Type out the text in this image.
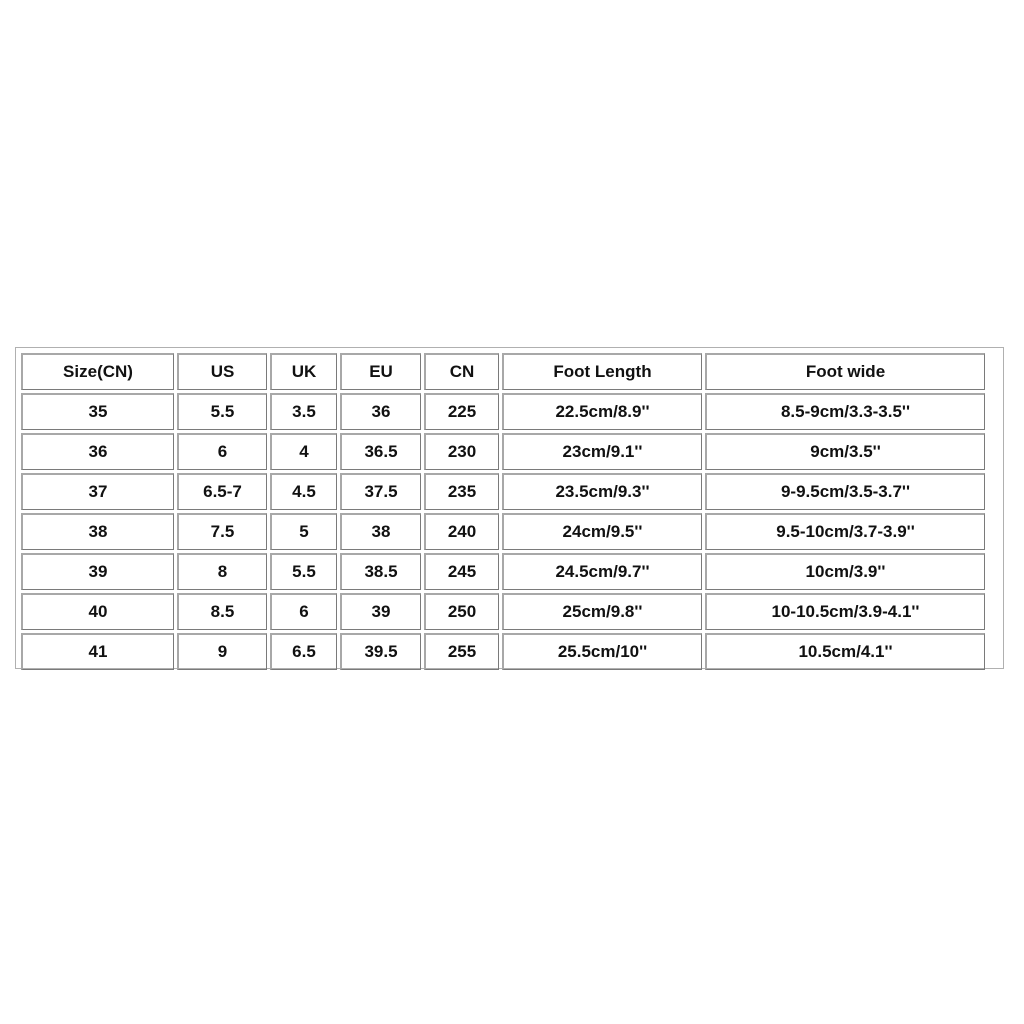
Size(CN)	US	UK	EU	CN	Foot Length	Foot wide
35	5.5	3.5	36	225	22.5cm/8.9''	8.5-9cm/3.3-3.5''
36	6	4	36.5	230	23cm/9.1''	9cm/3.5''
37	6.5-7	4.5	37.5	235	23.5cm/9.3''	9-9.5cm/3.5-3.7''
38	7.5	5	38	240	24cm/9.5''	9.5-10cm/3.7-3.9''
39	8	5.5	38.5	245	24.5cm/9.7''	10cm/3.9''
40	8.5	6	39	250	25cm/9.8''	10-10.5cm/3.9-4.1''
41	9	6.5	39.5	255	25.5cm/10''	10.5cm/4.1''
